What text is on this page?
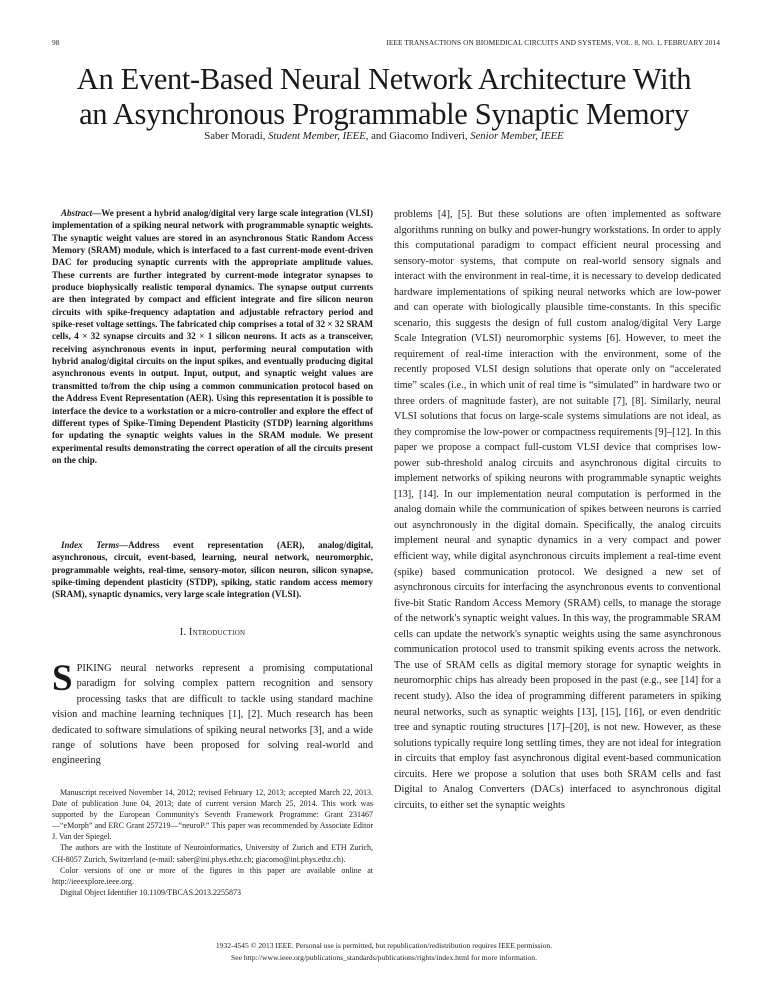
98	IEEE TRANSACTIONS ON BIOMEDICAL CIRCUITS AND SYSTEMS, VOL. 8, NO. 1, FEBRUARY 2014
An Event-Based Neural Network Architecture With
an Asynchronous Programmable Synaptic Memory
Saber Moradi, Student Member, IEEE, and Giacomo Indiveri, Senior Member, IEEE

Abstract—We present a hybrid analog/digital very large scale integration (VLSI) implementation of a spiking neural network with programmable synaptic weights. The synaptic weight values are stored in an asynchronous Static Random Access Memory (SRAM) module, which is interfaced to a fast current-mode event-driven DAC for producing synaptic currents with the appropriate amplitude values. These currents are further integrated by current-mode integrator synapses to produce biophysically realistic temporal dynamics. The synapse output currents are then integrated by compact and efficient integrate and fire silicon neuron circuits with spike-frequency adaptation and adjustable refractory period and spike-reset voltage settings. The fabricated chip comprises a total of 32 × 32 SRAM cells, 4 × 32 synapse circuits and 32 × 1 silicon neurons. It acts as a transceiver, receiving asynchronous events in input, performing neural computation with hybrid analog/digital circuits on the input spikes, and eventually producing digital asynchronous events in output. Input, output, and synaptic weight values are transmitted to/from the chip using a common communication protocol based on the Address Event Representation (AER). Using this representation it is possible to interface the device to a workstation or a micro-controller and explore the effect of different types of Spike-Timing Dependent Plasticity (STDP) learning algorithms for updating the synaptic weights values in the SRAM module. We present experimental results demonstrating the correct operation of all the circuits present on the chip.

Index Terms—Address event representation (AER), analog/digital, asynchronous, circuit, event-based, learning, neural network, neuromorphic, programmable weights, real-time, sensory-motor, silicon neuron, silicon synapse, spike-timing dependent plasticity (STDP), spiking, static random access memory (SRAM), synaptic dynamics, very large scale integration (VLSI).

I. Introduction

SPIKING neural networks represent a promising computational paradigm for solving complex pattern recognition and sensory processing tasks that are difficult to tackle using standard machine vision and machine learning techniques [1], [2]. Much research has been dedicated to software simulations of spiking neural networks [3], and a wide range of solutions have been proposed for solving real-world and engineering

Manuscript received November 14, 2012; revised February 12, 2013; accepted March 22, 2013. Date of publication June 04, 2013; date of current version March 25, 2014. This work was supported by the European Community's Seventh Framework Programme: Grant 231467—“eMorph” and ERC Grant 257219—“neuroP.” This paper was recommended by Associate Editor J. Van der Spiegel.

The authors are with the Institute of Neuroinformatics, University of Zurich and ETH Zurich, CH-8057 Zurich, Switzerland (e-mail: saber@ini.phys.ethz.ch; giacomo@ini.phys.ethz.ch).

Color versions of one or more of the figures in this paper are available online at http://ieeexplore.ieee.org.

Digital Object Identifier 10.1109/TBCAS.2013.2255873

problems [4], [5]. But these solutions are often implemented as software algorithms running on bulky and power-hungry workstations. In order to apply this computational paradigm to compact efficient neural processing and sensory-motor systems, that compute on real-world sensory signals and interact with the environment in real-time, it is necessary to develop dedicated hardware implementations of spiking neural networks which are low-power and can operate with biologically plausible time-constants. In this specific scenario, this suggests the design of full custom analog/digital Very Large Scale Integration (VLSI) neuromorphic systems [6]. However, to meet the requirement of real-time interaction with the environment, some of the recently proposed VLSI design solutions that operate only on “accelerated time” scales (i.e., in which unit of real time is “simulated” in hardware two or three orders of magnitude faster), are not suitable [7], [8]. Similarly, neural VLSI solutions that focus on large-scale systems simulations are not ideal, as they compromise the low-power or compactness requirements [9]–[12]. In this paper we propose a compact full-custom VLSI device that comprises low-power sub-threshold analog circuits and asynchronous digital circuits to implement networks of spiking neurons with programmable synaptic weights [13], [14]. In our implementation neural computation is performed in the analog domain while the communication of spikes between neurons is carried out asynchronously in the digital domain. Specifically, the analog circuits implement neural and synaptic dynamics in a very compact and power efficient way, while digital asynchronous circuits implement a real-time event (spike) based communication protocol. We designed a new set of asynchronous circuits for interfacing the asynchronous events to conventional five-bit Static Random Access Memory (SRAM) cells, to manage the storage of the network's synaptic weight values. In this way, the programmable SRAM cells can update the network's synaptic weights using the same asynchronous communication protocol used to transmit spiking events across the network. The use of SRAM cells as digital memory storage for synaptic weights in neuromorphic chips has already been proposed in the past (e.g., see [14] for a recent study). Also the idea of programming different parameters in spiking neural networks, such as synaptic weights [13], [15], [16], or even dendritic tree and synaptic routing structures [17]–[20], is not new. However, as these solutions typically require long settling times, they are not ideal for integration in circuits that employ fast asynchronous digital event-based communication circuits. Here we propose a solution that uses both SRAM cells and fast Digital to Analog Converters (DACs) interfaced to asynchronous digital circuits, to either set the synaptic weights

1932-4545 © 2013 IEEE. Personal use is permitted, but republication/redistribution requires IEEE permission.

See http://www.ieee.org/publications_standards/publications/rights/index.html for more information.
